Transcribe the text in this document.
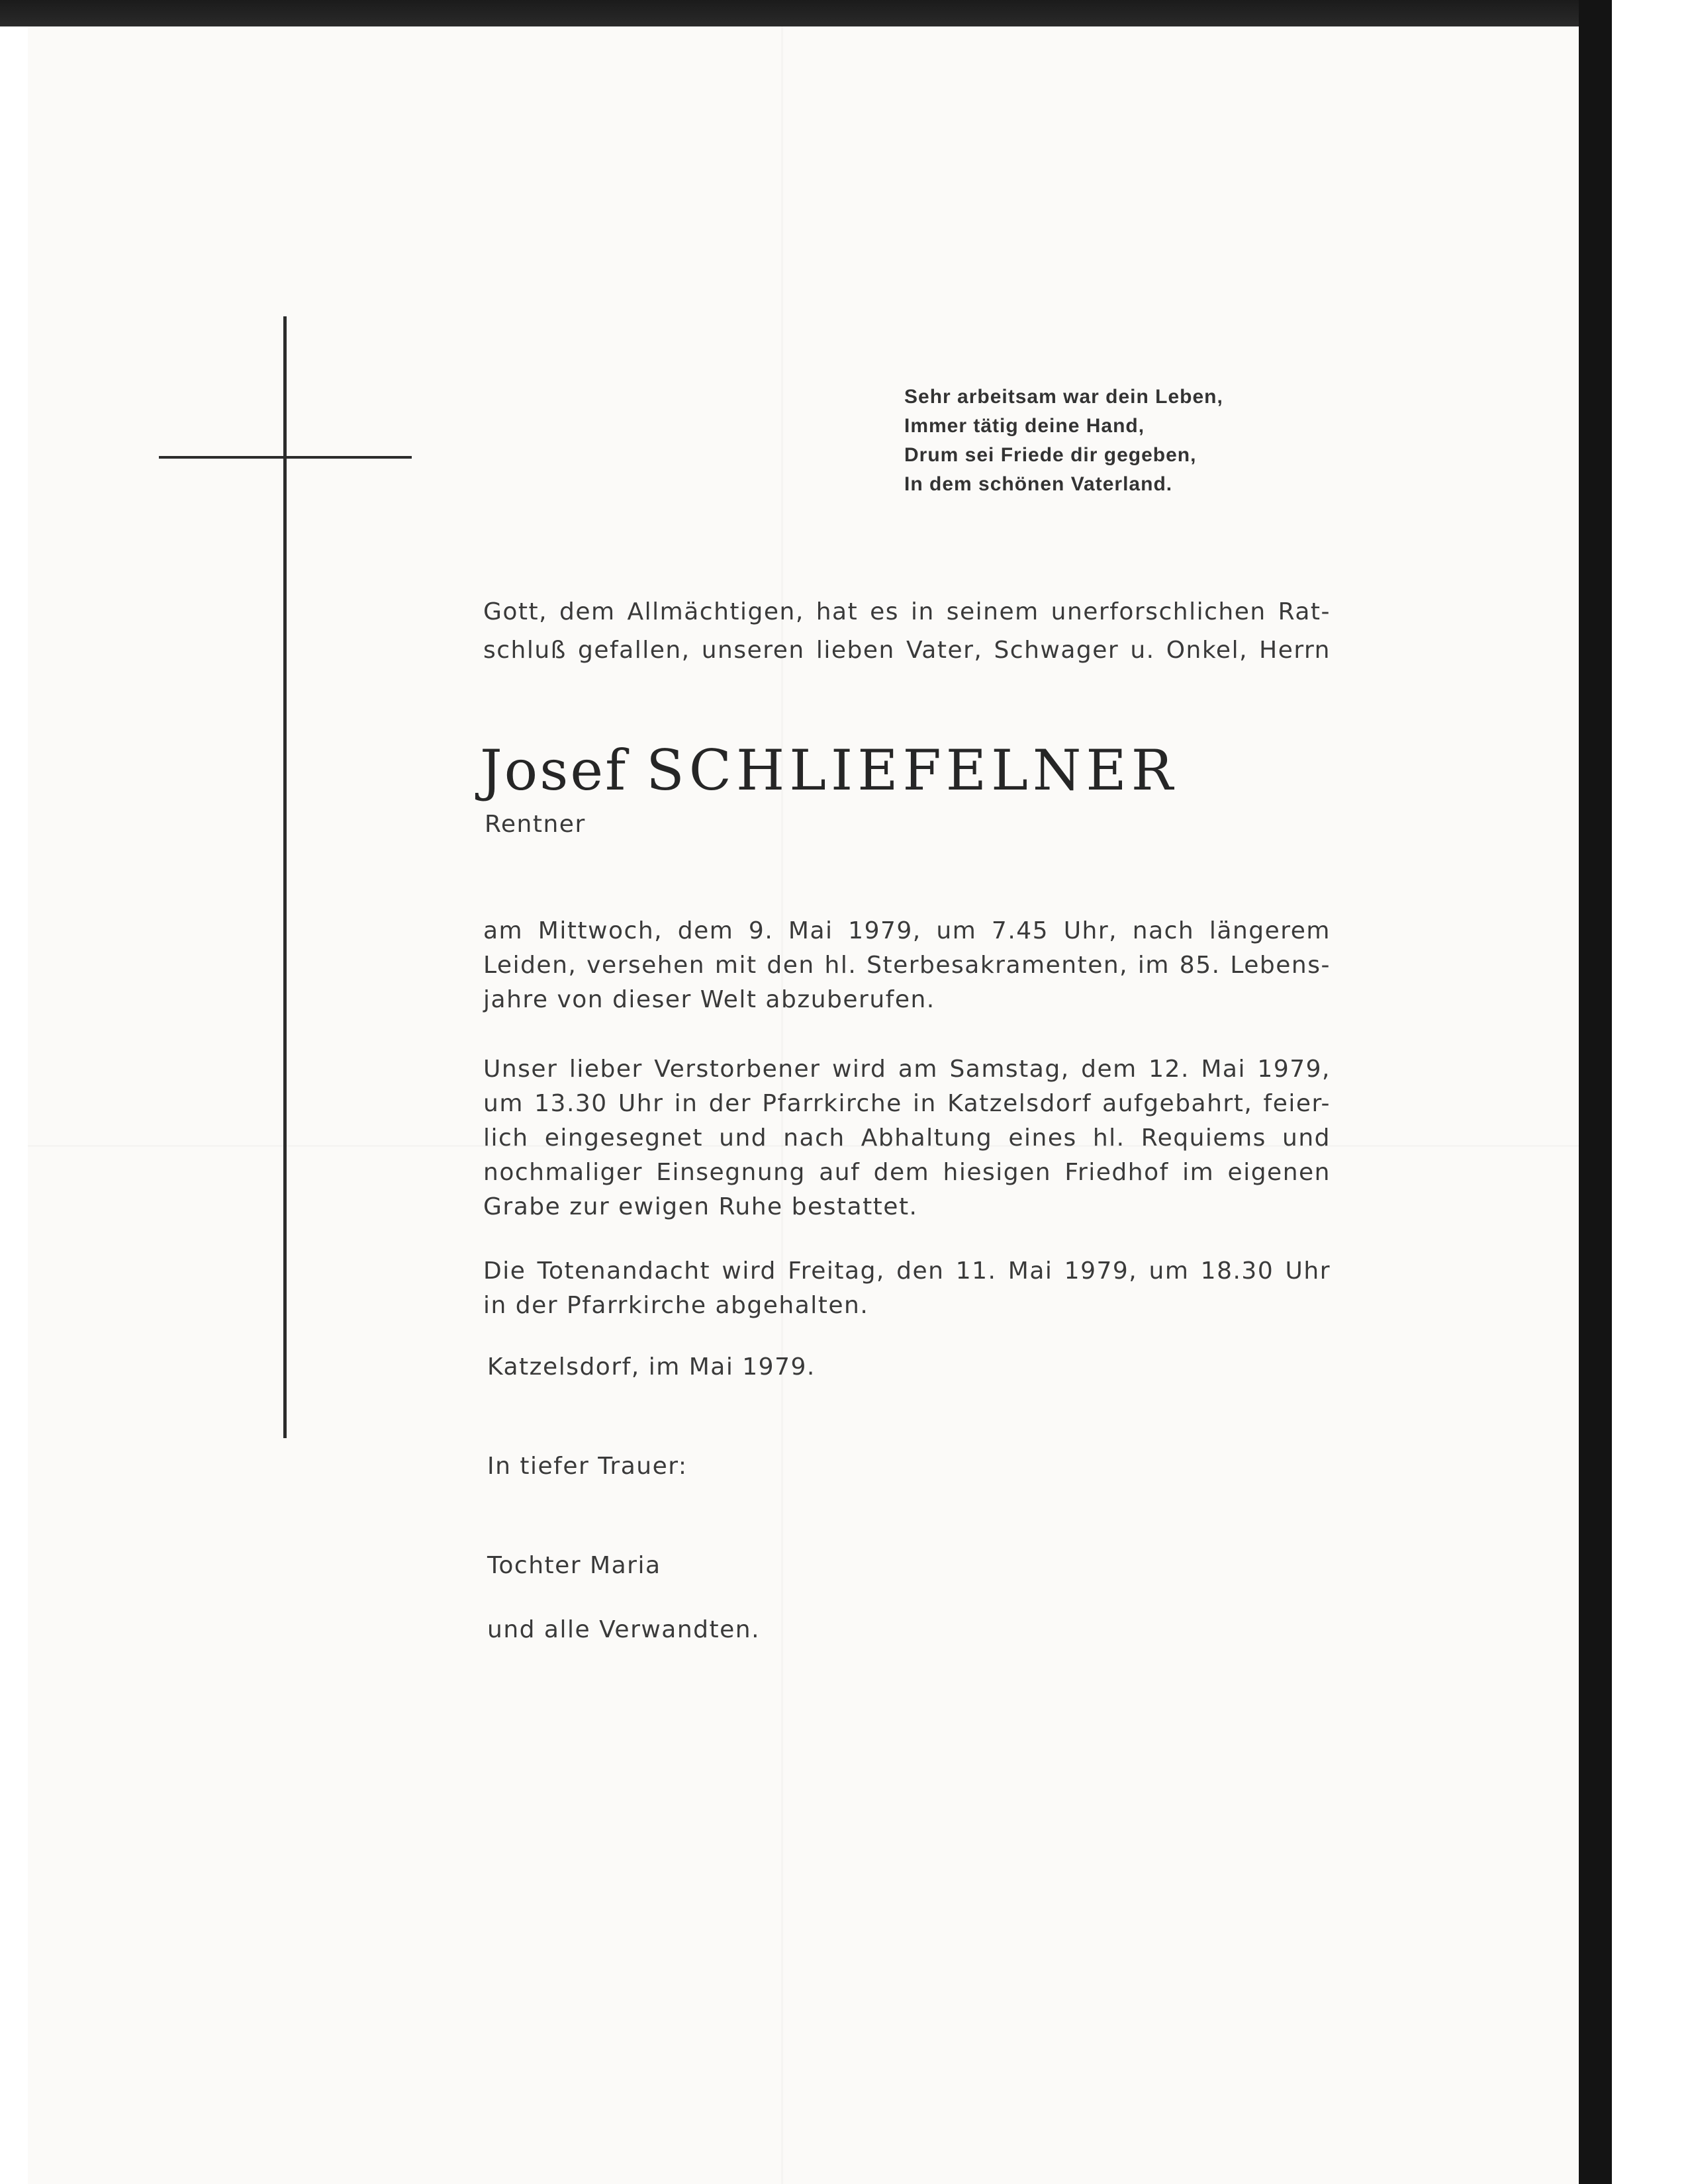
Sehr arbeitsam war dein Leben,
Immer tätig deine Hand,
Drum sei Friede dir gegeben,
In dem schönen Vaterland.
Gott, dem Allmächtigen, hat es in seinem unerforschlichen Rat-
schluß gefallen, unseren lieben Vater, Schwager u. Onkel, Herrn
Josef SCHLIEFELNER
Rentner
am Mittwoch, dem 9. Mai 1979, um 7.45 Uhr, nach längerem
Leiden, versehen mit den hl. Sterbesakramenten, im 85. Lebens-
jahre von dieser Welt abzuberufen.
Unser lieber Verstorbener wird am Samstag, dem 12. Mai 1979,
um 13.30 Uhr in der Pfarrkirche in Katzelsdorf aufgebahrt, feier-
lich eingesegnet und nach Abhaltung eines hl. Requiems und
nochmaliger Einsegnung auf dem hiesigen Friedhof im eigenen
Grabe zur ewigen Ruhe bestattet.
Die Totenandacht wird Freitag, den 11. Mai 1979, um 18.30 Uhr
in der Pfarrkirche abgehalten.
Katzelsdorf, im Mai 1979.
In tiefer Trauer:
Tochter Maria
und alle Verwandten.
